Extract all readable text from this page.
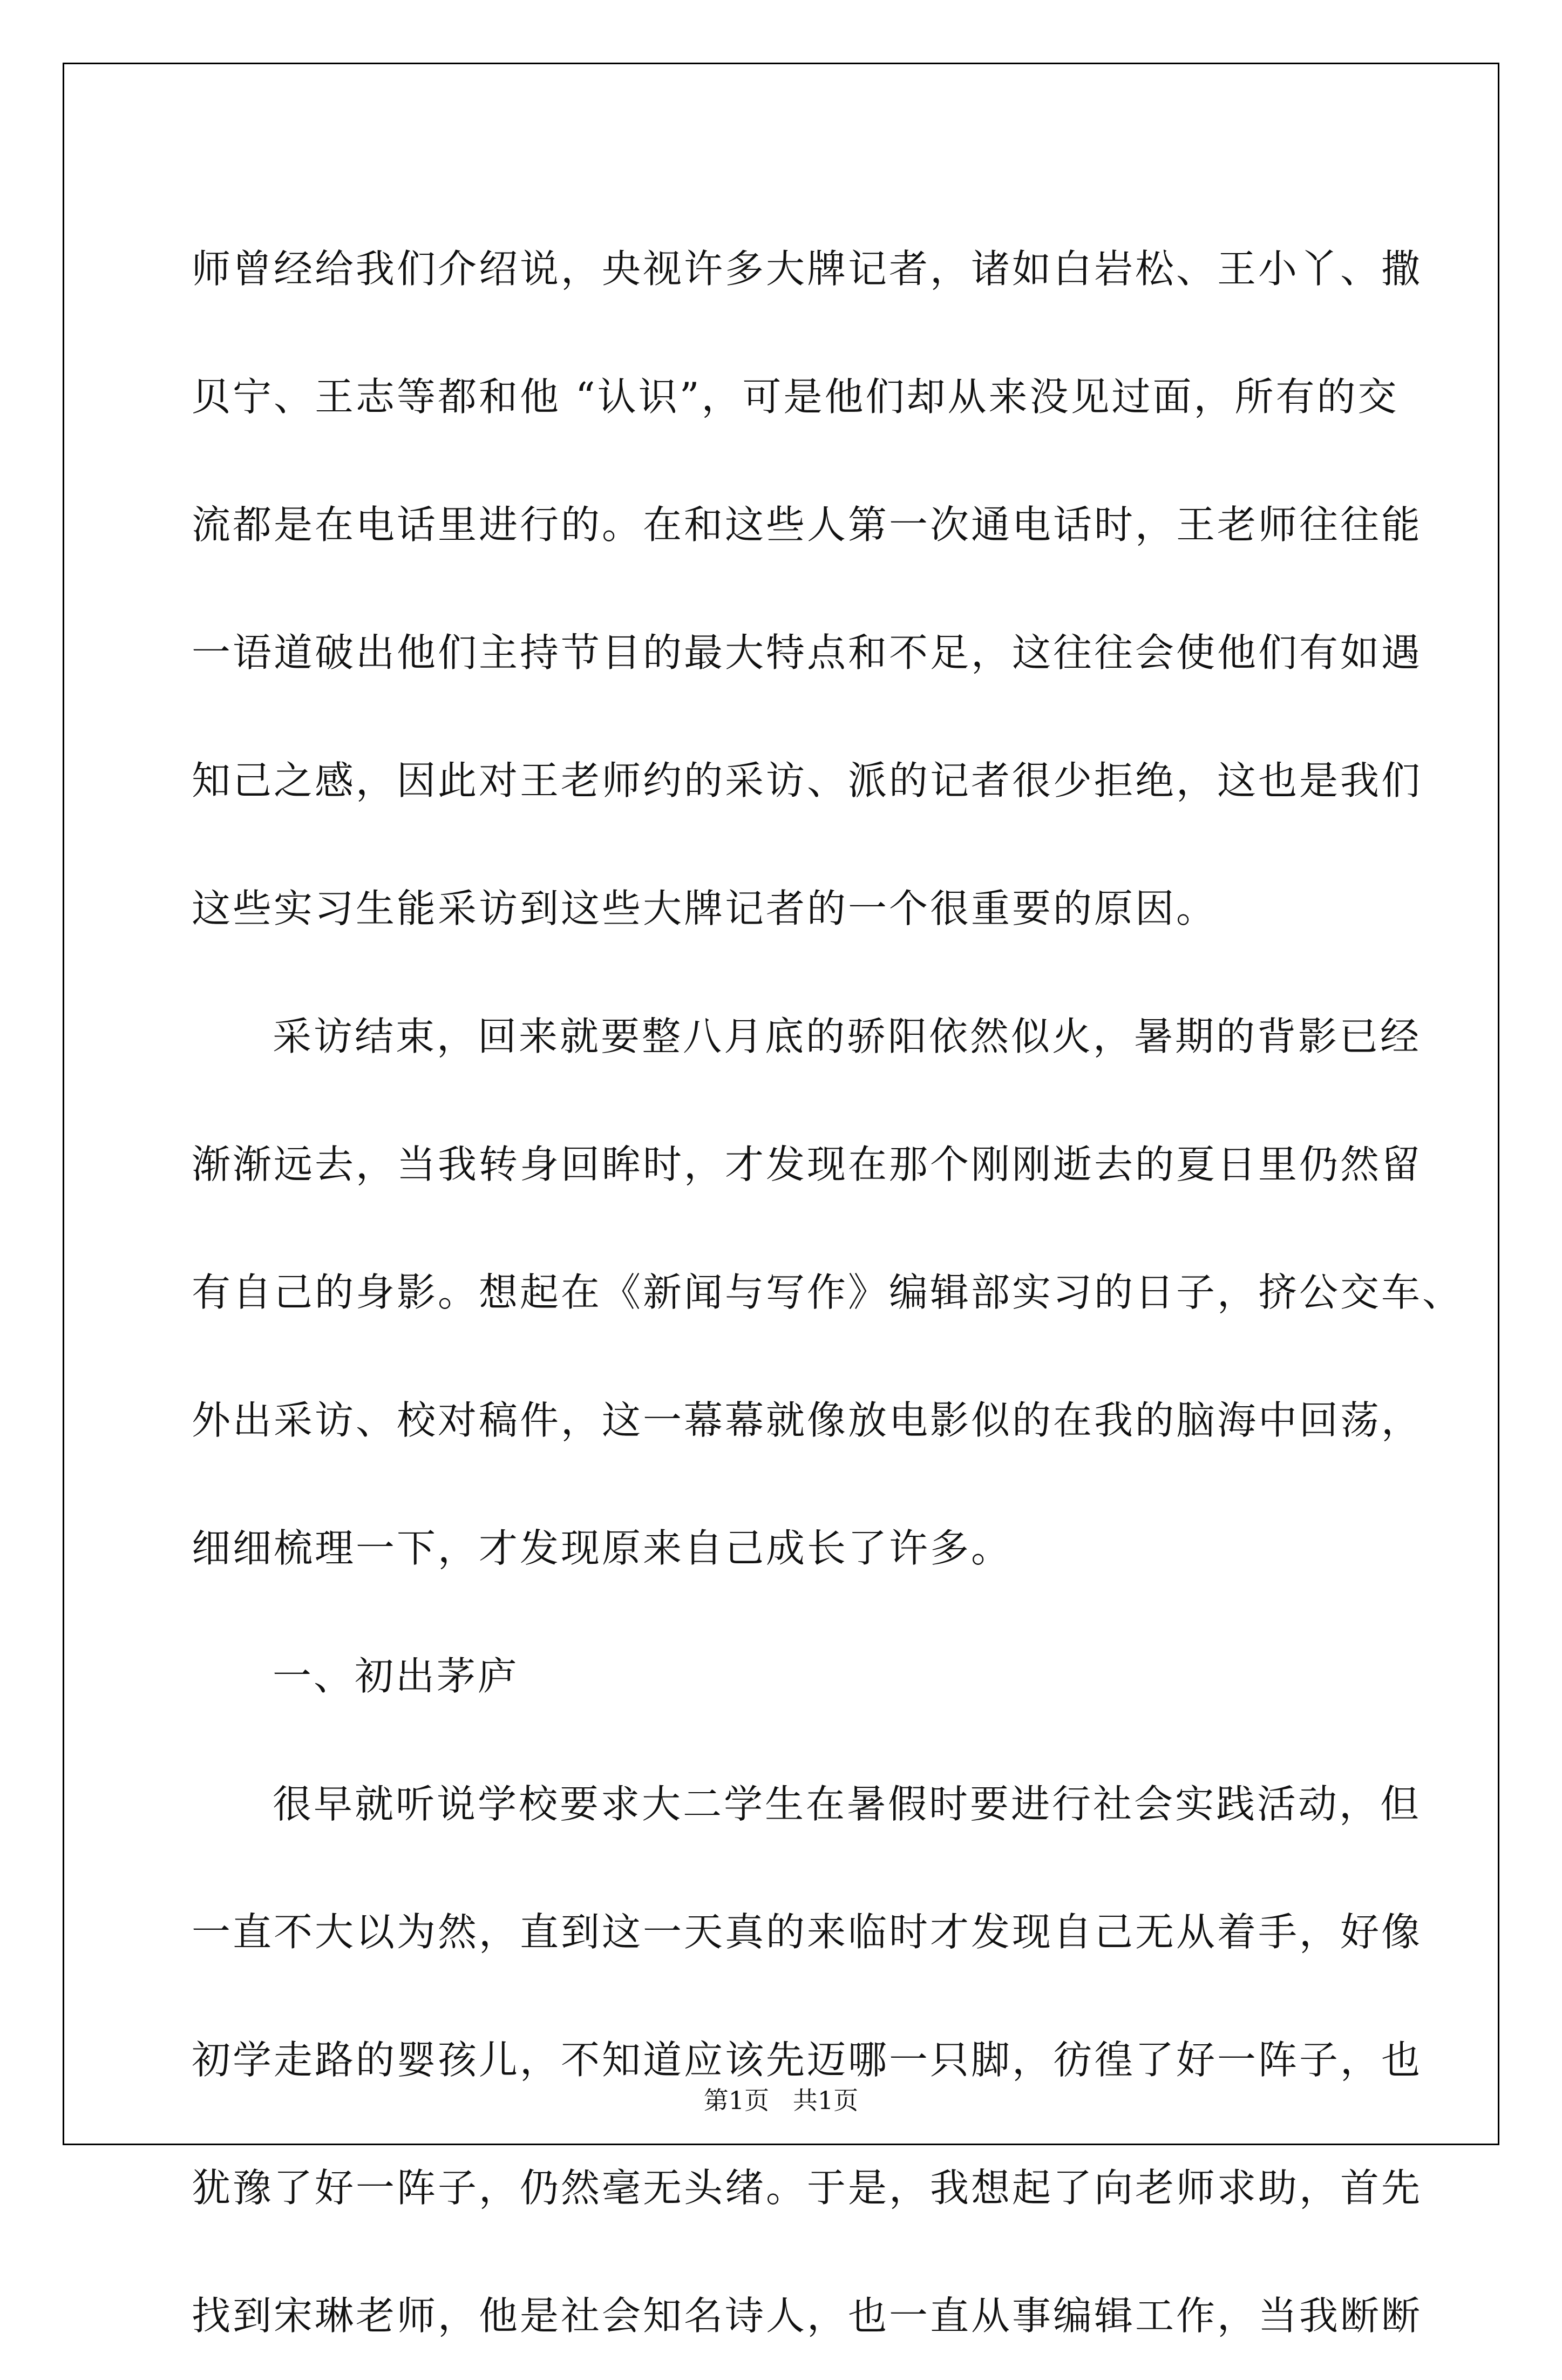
师曾经给我们介绍说，央视许多大牌记者，诸如白岩松、王小丫、撒

贝宁、王志等都和他 “认识”，可是他们却从来没见过面，所有的交

流都是在电话里进行的。在和这些人第一次通电话时，王老师往往能

一语道破出他们主持节目的最大特点和不足，这往往会使他们有如遇

知己之感，因此对王老师约的采访、派的记者很少拒绝，这也是我们

这些实习生能采访到这些大牌记者的一个很重要的原因。

采访结束，回来就要整八月底的骄阳依然似火，暑期的背影已经

渐渐远去，当我转身回眸时，才发现在那个刚刚逝去的夏日里仍然留

有自己的身影。想起在《新闻与写作》编辑部实习的日子，挤公交车、

外出采访、校对稿件，这一幕幕就像放电影似的在我的脑海中回荡，

细细梳理一下，才发现原来自己成长了许多。

一、初出茅庐

很早就听说学校要求大二学生在暑假时要进行社会实践活动，但

一直不大以为然，直到这一天真的来临时才发现自己无从着手，好像

初学走路的婴孩儿，不知道应该先迈哪一只脚，彷徨了好一阵子，也

犹豫了好一阵子，仍然毫无头绪。于是，我想起了向老师求助，首先

找到宋琳老师，他是社会知名诗人，也一直从事编辑工作，当我断断

第1页   共1页
